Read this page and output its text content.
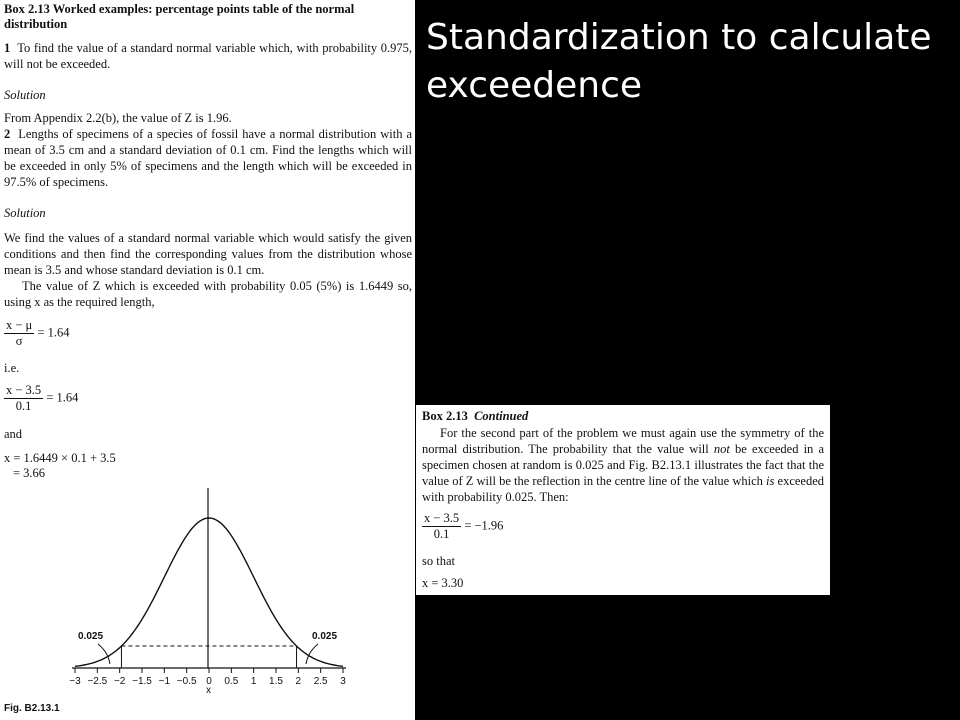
Standardization to calculate exceedence

Box 2.13 Worked examples: percentage points table of the normal distribution

1 To find the value of a standard normal variable which, with probability 0.975, will not be exceeded.

Solution

From Appendix 2.2(b), the value of Z is 1.96.

2 Lengths of specimens of a species of fossil have a normal distribution with a mean of 3.5 cm and a standard deviation of 0.1 cm. Find the lengths which will be exceeded in only 5% of specimens and the length which will be exceeded in 97.5% of specimens.

Solution

We find the values of a standard normal variable which would satisfy the given conditions and then find the corresponding values from the distribution whose mean is 3.5 and whose standard deviation is 0.1 cm.

The value of Z which is exceeded with probability 0.05 (5%) is 1.6449 so, using x as the required length,

$\frac{x - \mu}{\sigma} = 1.64$

i.e.

$\frac{x - 3.5}{0.1} = 1.64$

and

x = 1.6449 × 0.1 + 3.5

= 3.66

0.025	0.025
−3 −2.5 −2 −1.5 −1 −0.5 0 0.5 1 1.5 2 2.5 3
x

Fig. B2.13.1

Box 2.13 Continued

For the second part of the problem we must again use the symmetry of the normal distribution. The probability that the value will not be exceeded in a specimen chosen at random is 0.025 and Fig. B2.13.1 illustrates the fact that the value of Z will be the reflection in the centre line of the value which is exceeded with probability 0.025. Then:

$\frac{x - 3.5}{0.1} = -1.96$

so that

x = 3.30
